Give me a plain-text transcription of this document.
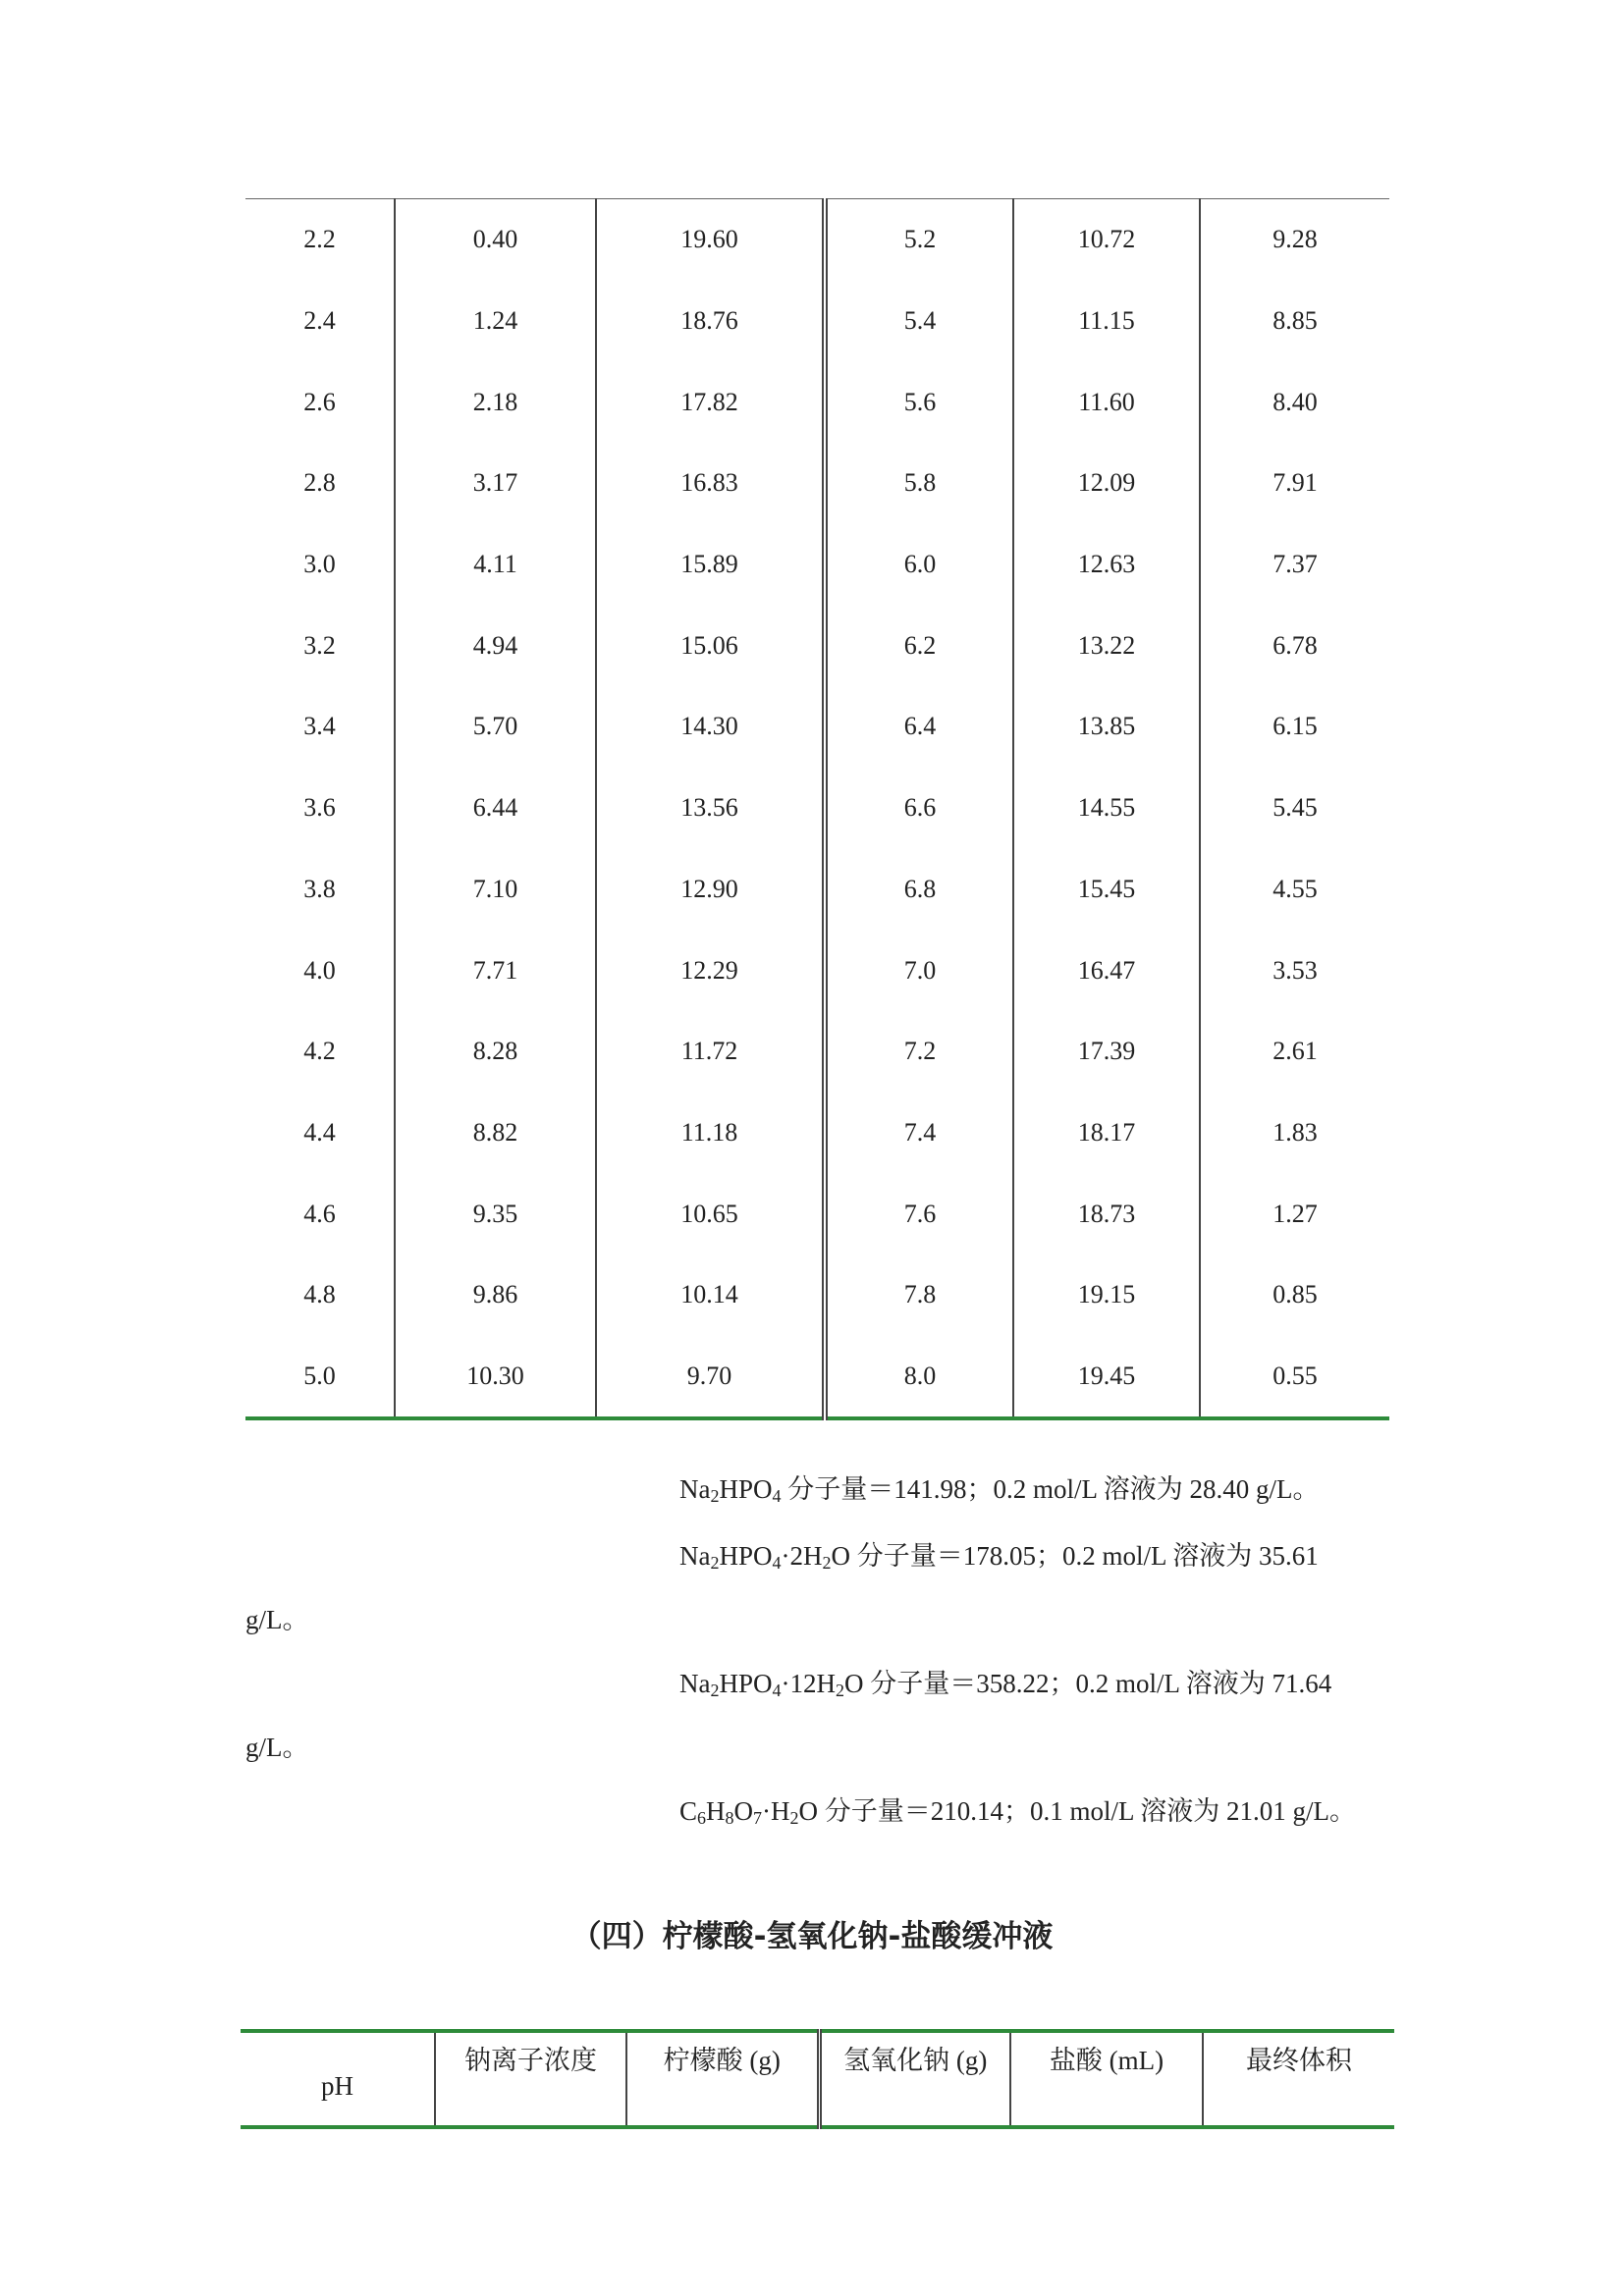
2.2	0.40	19.60	5.2	10.72	9.28
2.4	1.24	18.76	5.4	11.15	8.85
2.6	2.18	17.82	5.6	11.60	8.40
2.8	3.17	16.83	5.8	12.09	7.91
3.0	4.11	15.89	6.0	12.63	7.37
3.2	4.94	15.06	6.2	13.22	6.78
3.4	5.70	14.30	6.4	13.85	6.15
3.6	6.44	13.56	6.6	14.55	5.45
3.8	7.10	12.90	6.8	15.45	4.55
4.0	7.71	12.29	7.0	16.47	3.53
4.2	8.28	11.72	7.2	17.39	2.61
4.4	8.82	11.18	7.4	18.17	1.83
4.6	9.35	10.65	7.6	18.73	1.27
4.8	9.86	10.14	7.8	19.15	0.85
5.0	10.30	9.70	8.0	19.45	0.55
$Na_2HPO_4$ 分子量＝141.98；0.2 mol/L 溶液为 28.40 g/L。
$Na_2HPO_4\cdot 2H_2O$ 分子量＝178.05；0.2 mol/L 溶液为 35.61
g/L。
$Na_2HPO_4\cdot 12H_2O$ 分子量＝358.22；0.2 mol/L 溶液为 71.64
g/L。
$C_6H_8O_7\cdot H_2O$ 分子量＝210.14；0.1 mol/L 溶液为 21.01 g/L。
（四）柠檬酸-氢氧化钠-盐酸缓冲液
pH	钠离子浓度	柠檬酸 (g)	氢氧化钠 (g)	盐酸 (mL)	最终体积
